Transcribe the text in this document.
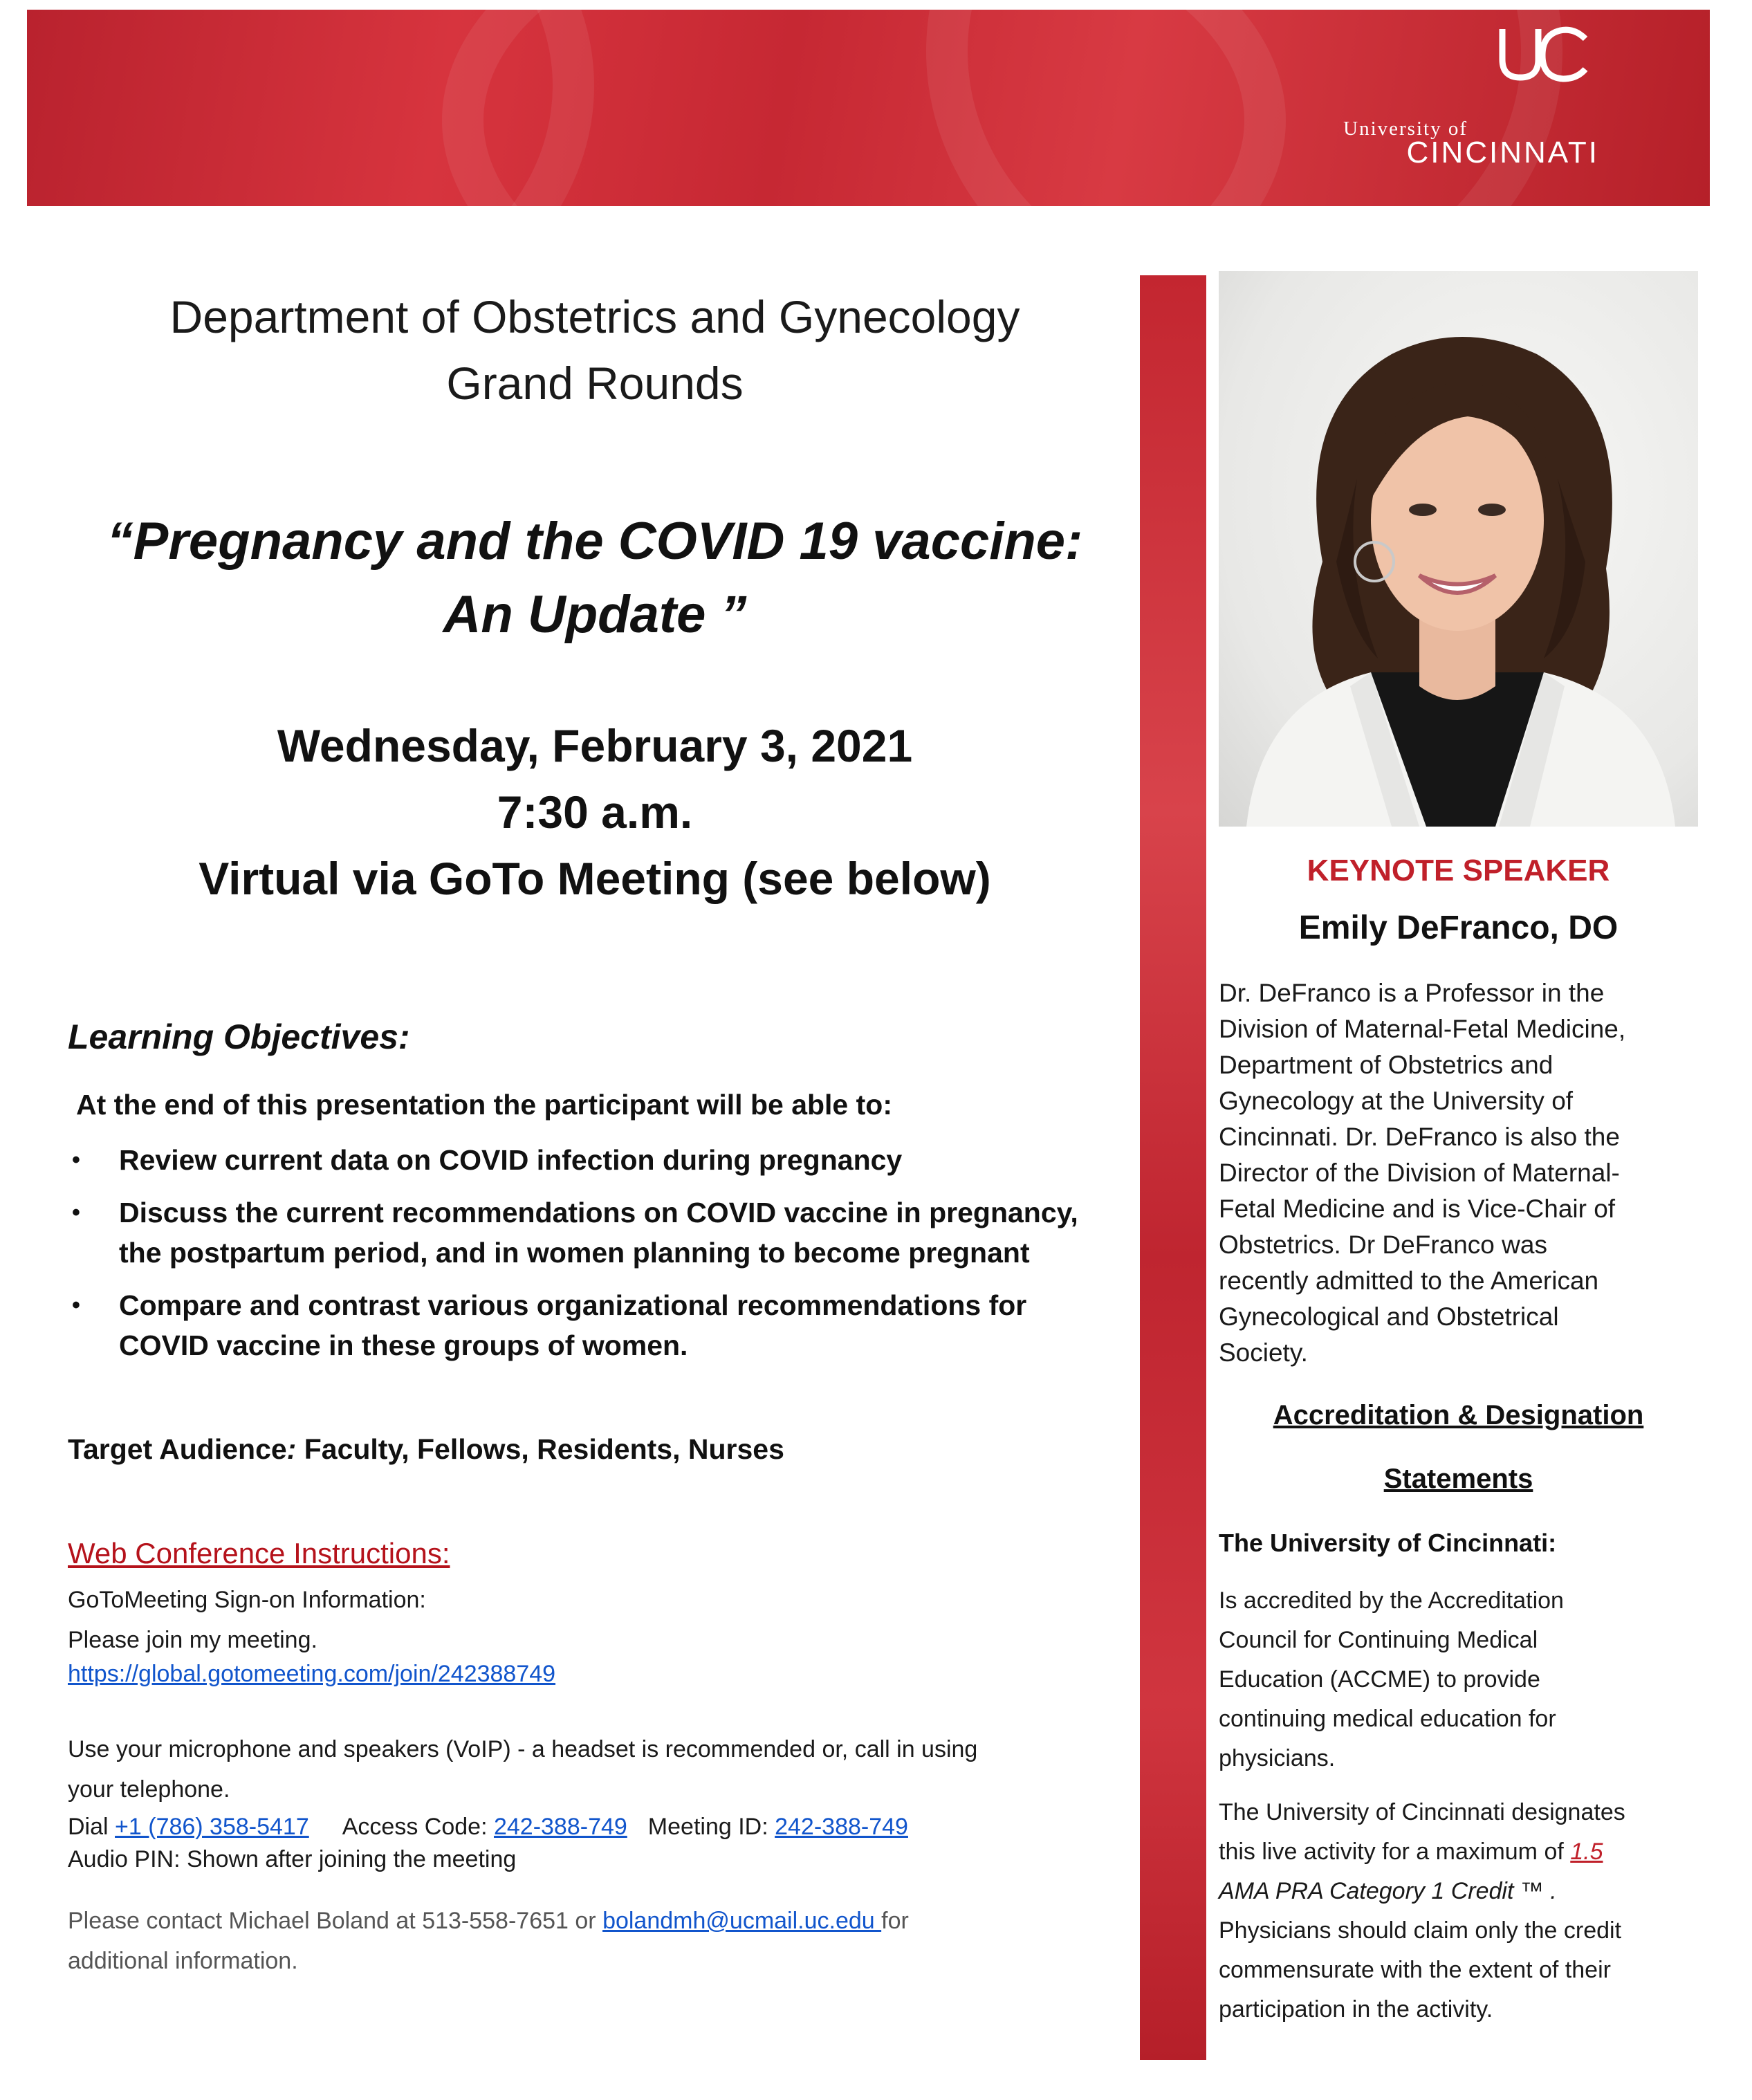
University of
CINCINNATI
Department of Obstetrics and Gynecology
Grand Rounds
“Pregnancy and the COVID 19 vaccine:
An Update ”
Wednesday, February 3, 2021
7:30 a.m.
Virtual via GoTo Meeting (see below)
Learning Objectives:
At the end of this presentation the participant will be able to:
• Review current data on COVID infection during pregnancy
• Discuss the current recommendations on COVID vaccine in pregnancy, the postpartum period, and in women planning to become pregnant
• Compare and contrast various organizational recommendations for COVID vaccine in these groups of women.
Target Audience: Faculty, Fellows, Residents, Nurses
Web Conference Instructions:
GoToMeeting Sign-on Information:
Please join my meeting.
https://global.gotomeeting.com/join/242388749
Use your microphone and speakers (VoIP) - a headset is recommended or, call in using
your telephone.
Dial +1 (786) 358-5417 Access Code: 242-388-749 Meeting ID: 242-388-749
Audio PIN: Shown after joining the meeting
Please contact Michael Boland at 513-558-7651 or bolandmh@ucmail.uc.edu for
additional information.
KEYNOTE SPEAKER
Emily DeFranco, DO
Dr. DeFranco is a Professor in the
Division of Maternal-Fetal Medicine,
Department of Obstetrics and
Gynecology at the University of
Cincinnati. Dr. DeFranco is also the
Director of the Division of Maternal-
Fetal Medicine and is Vice-Chair of
Obstetrics. Dr DeFranco was
recently admitted to the American
Gynecological and Obstetrical
Society.
Accreditation & Designation
Statements
The University of Cincinnati:
Is accredited by the Accreditation
Council for Continuing Medical
Education (ACCME) to provide
continuing medical education for
physicians.
The University of Cincinnati designates
this live activity for a maximum of 1.5
AMA PRA Category 1 Credit ™ .
Physicians should claim only the credit
commensurate with the extent of their
participation in the activity.
